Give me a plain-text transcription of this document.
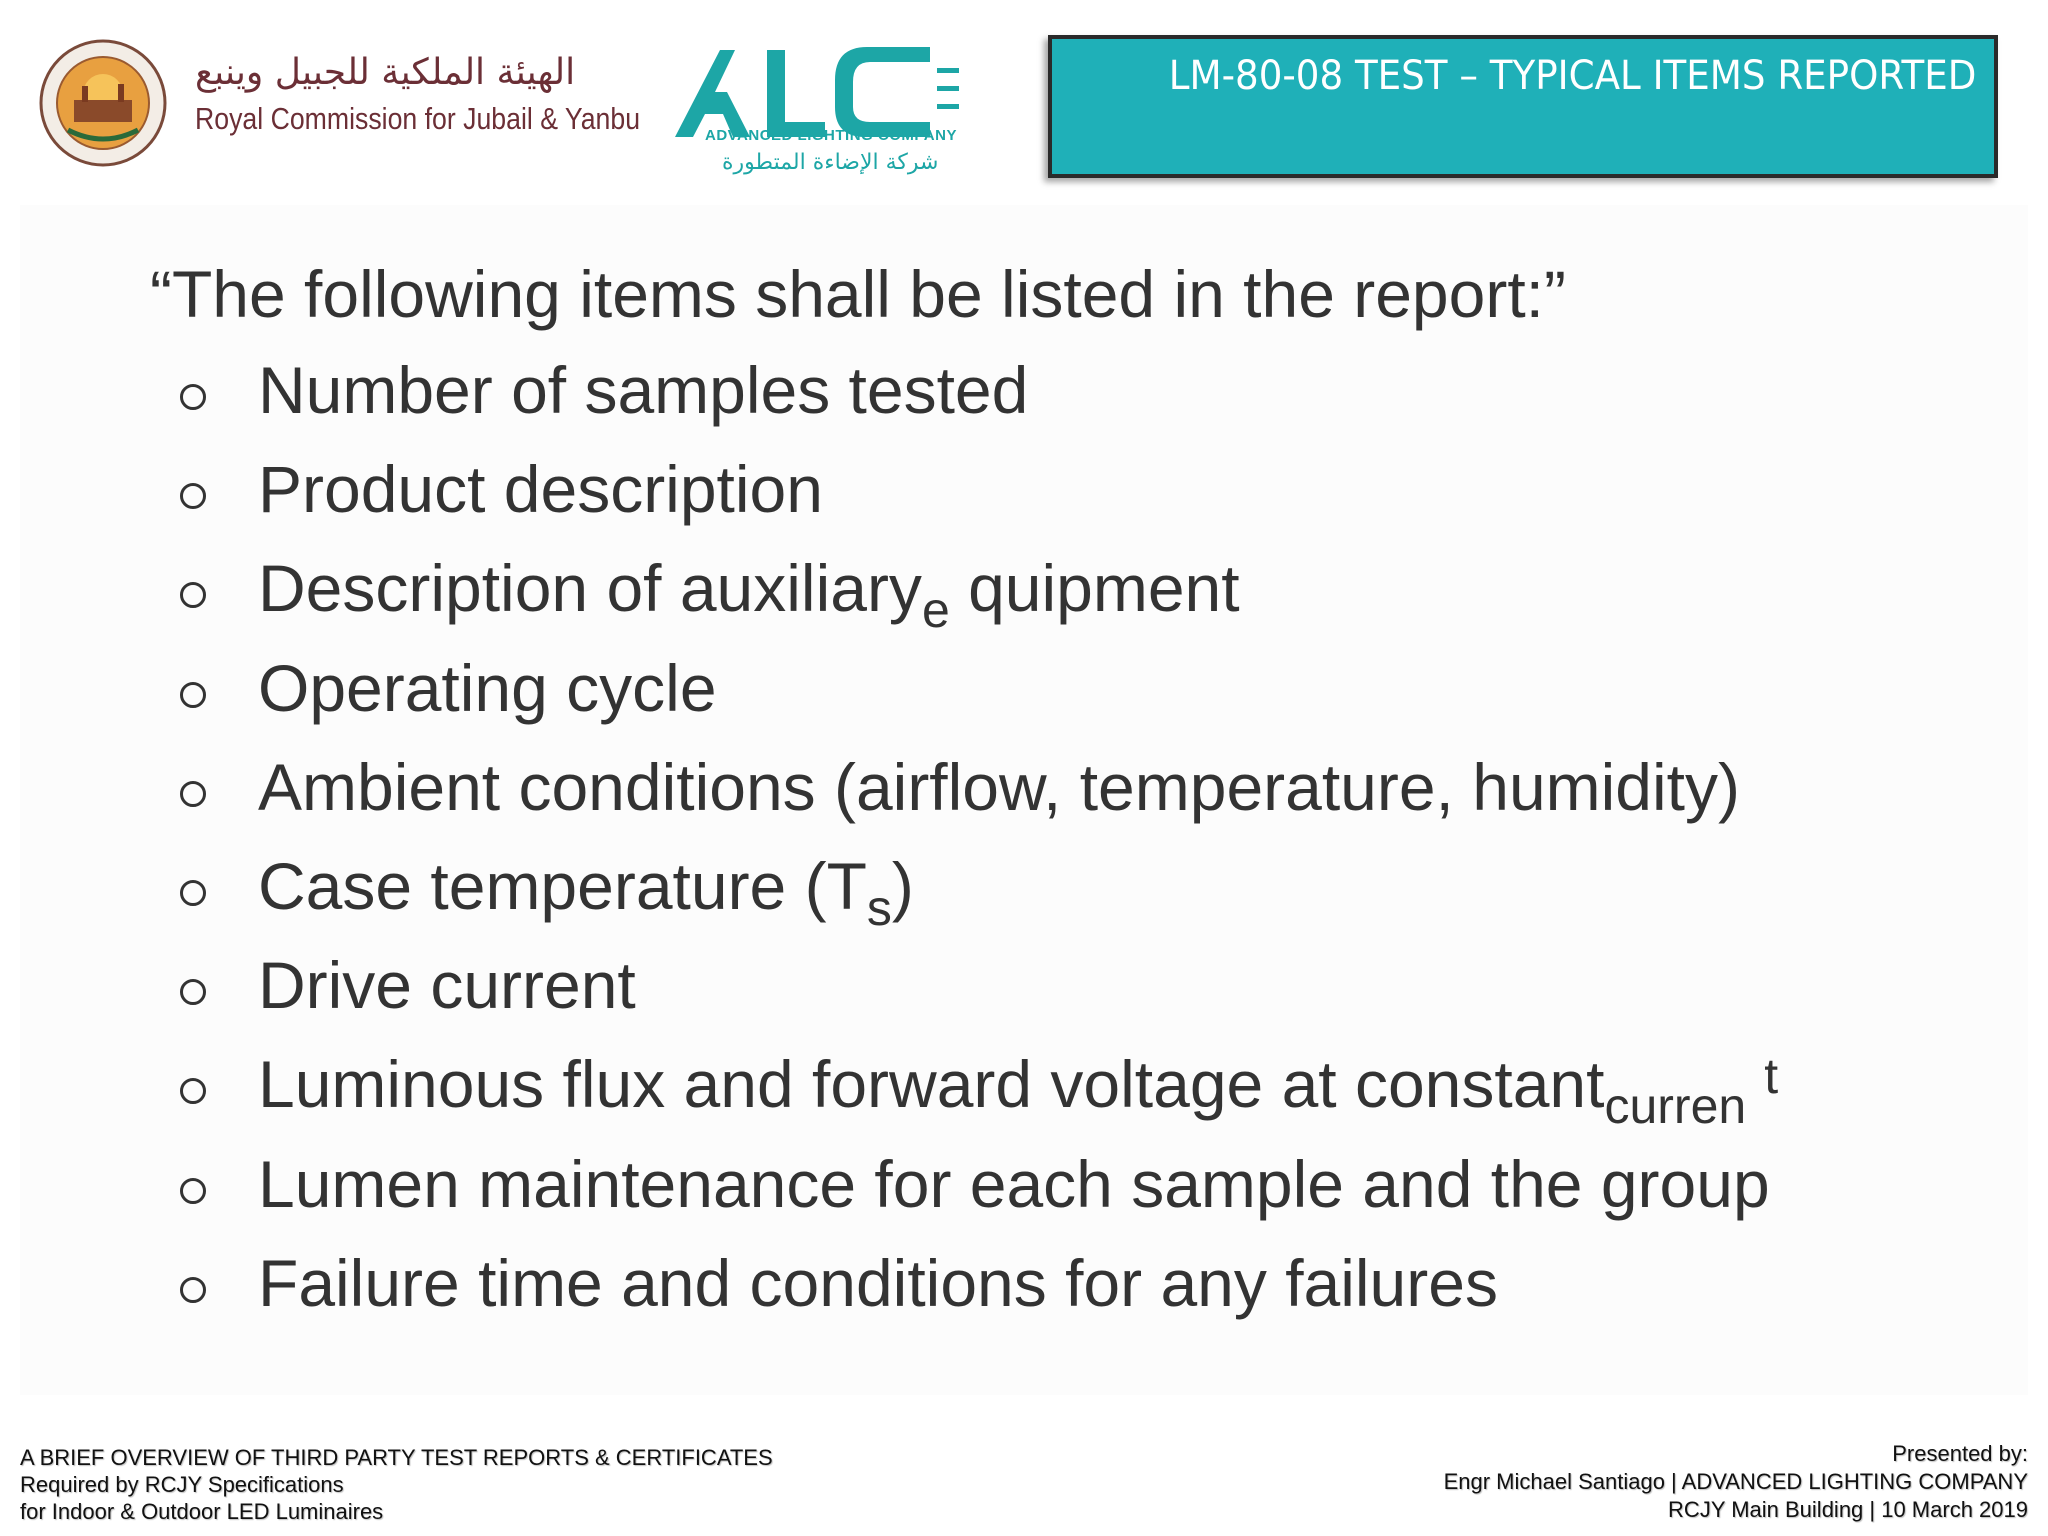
الهيئة الملكية للجبيل وينبع
Royal Commission for Jubail & Yanbu	ADVANCED LIGHTING COMPANY
شركة الإضاءة المتطورة
LM-80-08 TEST – TYPICAL ITEMS REPORTED
“The following items shall be listed in the report:”
Number of samples tested
Product description
Description of auxiliary$_e$ quipment
Operating cycle
Ambient conditions (airflow, temperature, humidity)
Case temperature $(T_s)$
Drive current
Luminous flux and forward voltage at constant$_{curren}^t$
Lumen maintenance for each sample and the group
Failure time and conditions for any failures
A BRIEF OVERVIEW OF THIRD PARTY TEST REPORTS & CERTIFICATES
Required by RCJY Specifications
for Indoor & Outdoor LED Luminaires
Presented by:
Engr Michael Santiago | ADVANCED LIGHTING COMPANY
RCJY Main Building | 10 March 2019
